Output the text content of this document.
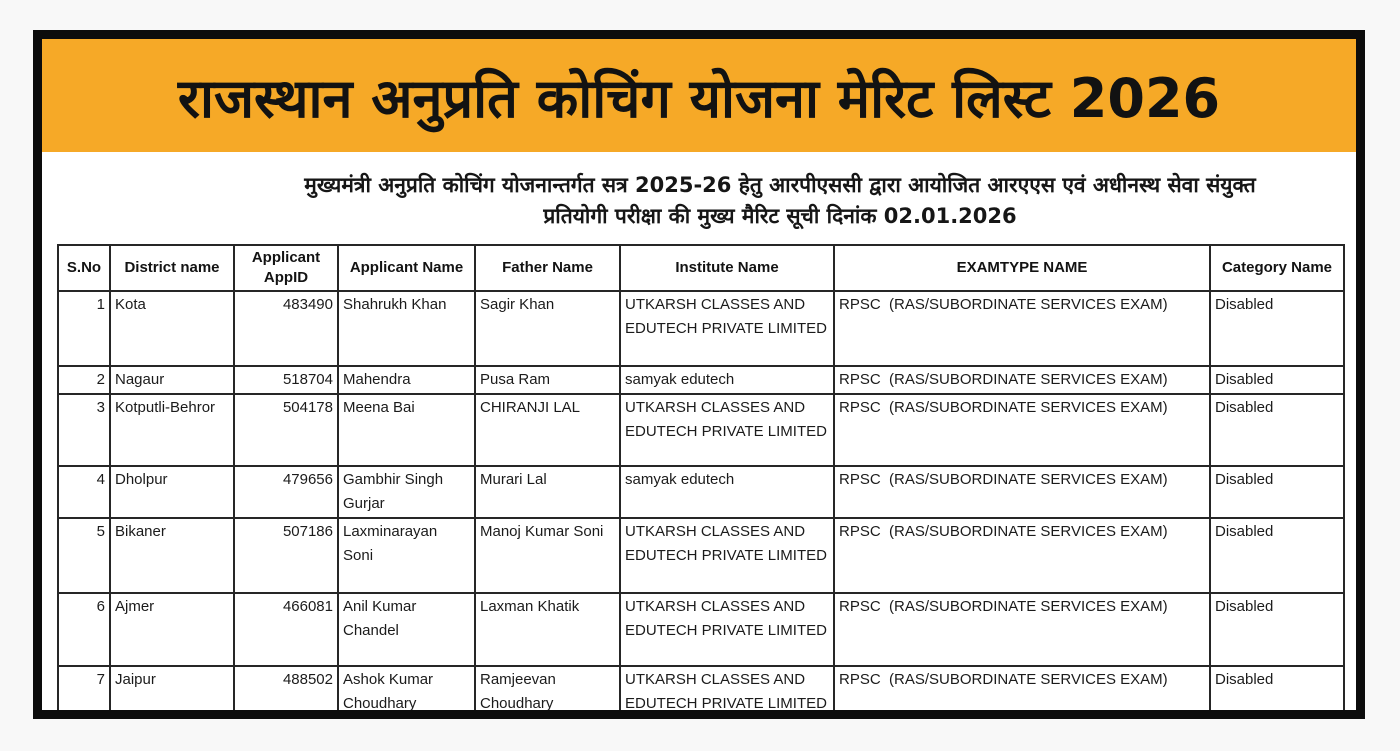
राजस्थान अनुप्रति कोचिंग योजना मेरिट लिस्ट 2026
मुख्यमंत्री अनुप्रति कोचिंग योजनान्तर्गत सत्र 2025-26 हेतु आरपीएससी द्वारा आयोजित आरएएस एवं अधीनस्थ सेवा संयुक्त
प्रतियोगी परीक्षा की मुख्य मैरिट सूची दिनांक 02.01.2026
S.No	District name	Applicant AppID	Applicant Name	Father Name	Institute Name	EXAMTYPE NAME	Category Name
1	Kota	483490	Shahrukh Khan	Sagir Khan	UTKARSH CLASSES AND EDUTECH PRIVATE LIMITED	RPSC  (RAS/SUBORDINATE SERVICES EXAM)	Disabled
2	Nagaur	518704	Mahendra	Pusa Ram	samyak edutech	RPSC  (RAS/SUBORDINATE SERVICES EXAM)	Disabled
3	Kotputli-Behror	504178	Meena Bai	CHIRANJI LAL	UTKARSH CLASSES AND EDUTECH PRIVATE LIMITED	RPSC  (RAS/SUBORDINATE SERVICES EXAM)	Disabled
4	Dholpur	479656	Gambhir Singh Gurjar	Murari Lal	samyak edutech	RPSC  (RAS/SUBORDINATE SERVICES EXAM)	Disabled
5	Bikaner	507186	Laxminarayan Soni	Manoj Kumar Soni	UTKARSH CLASSES AND EDUTECH PRIVATE LIMITED	RPSC  (RAS/SUBORDINATE SERVICES EXAM)	Disabled
6	Ajmer	466081	Anil Kumar Chandel	Laxman Khatik	UTKARSH CLASSES AND EDUTECH PRIVATE LIMITED	RPSC  (RAS/SUBORDINATE SERVICES EXAM)	Disabled
7	Jaipur	488502	Ashok Kumar Choudhary	Ramjeevan Choudhary	UTKARSH CLASSES AND EDUTECH PRIVATE LIMITED	RPSC  (RAS/SUBORDINATE SERVICES EXAM)	Disabled
